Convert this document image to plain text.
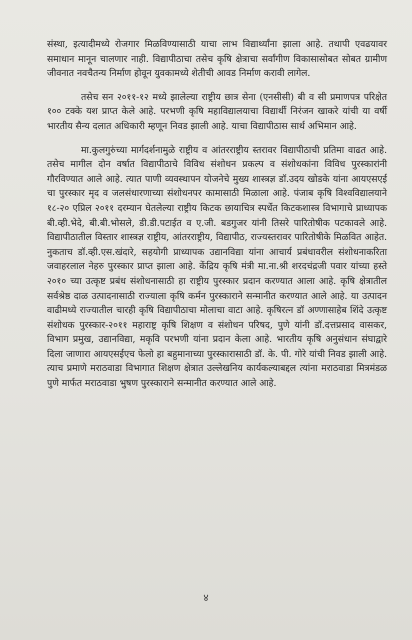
संस्था, इत्यादीमध्ये रोजगार मिळविण्यासाठी याचा लाभ विद्यार्थ्यांना झाला आहे. तथापी एवढयावर समाधान मानून चालणार नाही. विद्यापीठाचा तसेच कृषि क्षेत्राचा सर्वांगीण विकासासोबत सोबत ग्रामीण जीवनात नवचैतन्य निर्माण होवून युवकामध्ये शेतीची आवड निर्माण करावी लागेल.

तसेच सन २०११-१२ मध्ये झालेल्या राष्ट्रीय छात्र सेना (एनसीसी) बी व सी प्रमाणपत्र परिक्षेत १०० टक्के यश प्राप्त केले आहे. परभणी कृषि महाविद्यालयाचा विद्यार्थी निरंजन खाकरे यांची या वर्षी भारतीय सैन्य दलात अधिकारी म्हणून निवड झाली आहे. याचा विद्यापीठास सार्थ अभिमान आहे.

मा.कुलगुरुंच्या मार्गदर्शनामुळे राष्ट्रीय व आंतरराष्ट्रीय स्तरावर विद्यापीठाची प्रतिमा वाढत आहे. तसेच मागील दोन वर्षात विद्यापीठाचे विविध संशोधन प्रकल्प व संशोधकांना विविध पुरस्कारांनी गौरविण्यात आले आहे. त्यात पाणी व्यवस्थापन योजनेचे मुख्य शास्त्रज्ञ डॉ.उदय खोडके यांना आयएसएई चा पुरस्कार मृद व जलसंधारणाच्या संशोधनपर कामासाठी मिळाला आहे. पंजाब कृषि विश्वविद्यालयाने १८-२० एप्रिल २०११ दरम्यान घेतलेल्या राष्ट्रीय किटक छायाचित्र स्पर्धेत किटकशास्त्र विभागाचे प्राध्यापक बी.व्ही.भेदे, बी.बी.भोसले, डी.डी.पटाईत व ए.जी. बडगुजर यांनी तिसरे पारितोषीक पटकावले आहे. विद्यापीठातील विस्तार शास्त्रज्ञ राष्ट्रीय, आंतरराष्ट्रीय, विद्यापीठ, राज्यस्तरावर पारितोषीके मिळवित आहेत. नुकताच डॉ.व्ही.एस.खंदारे, सहयोगी प्राध्यापक उद्यानविद्या यांना आचार्य प्रबंधावरील संशोधनाकरिता जवाहरलाल नेहरु पुरस्कार प्राप्त झाला आहे. केंद्रिय कृषि मंत्री मा.ना.श्री शरदचंद्रजी पवार यांच्या हस्ते २०१० च्या उत्कृष्ट प्रबंध संशोधनासाठी हा राष्ट्रीय पुरस्कार प्रदान करण्यात आला आहे. कृषि क्षेत्रातील सर्वश्रेष्ठ दाळ उत्पादनासाठी राज्याला कृषि कर्मन पुरस्काराने सन्मानीत करण्यात आले आहे. या उत्पादन वाढीमध्ये राज्यातील चारही कृषि विद्यापीठाचा मोलाचा वाटा आहे. कृषिरत्न डॉ अण्णासाहेब शिंदे उत्कृष्ट संशोधक पुरस्कार-२०११ महाराष्ट्र कृषि शिक्षण व संशोधन परिषद, पुणे यांनी डॉ.दत्तप्रसाद वासकर, विभाग प्रमुख, उद्यानविद्या, मकृवि परभणी यांना प्रदान केला आहे. भारतीय कृषि अनुसंधान संघाद्वारे दिला जाणारा आयएसईएच फेलो हा बहुमानाच्या पुरस्कारासाठी डॉ. के. पी. गोरे यांची निवड झाली आहे. त्याच प्रमाणे मराठवाडा विभागात शिक्षण क्षेत्रात उल्लेखनिय कार्यकल्याबद्दल त्यांना मराठवाडा मित्रमंडळ पुणे मार्फत मराठवाडा भुषण पुरस्काराने सन्मानीत करण्यात आले आहे.

४
